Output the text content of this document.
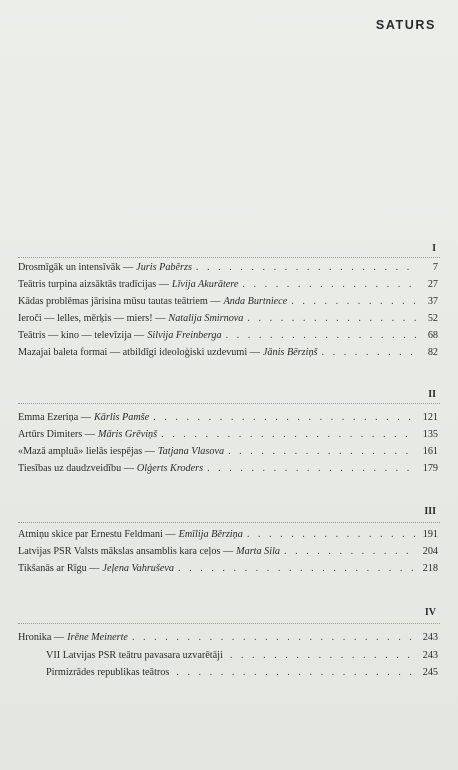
SATURS
I
Drosmīgāk un intensīvāk — Juris Pabērzs . . .	7
Teātris turpina aizsāktās tradīcijas — Līvija Akurātere . . .	27
Kādas problēmas jārisina mūsu tautas teātriem — Anda Burtniece . . .	37
Ieroči — lelles, mērķis — miers! — Natalija Smirnova . . .	52
Teātris — kino — televīzija — Silvija Freinberga . . .	68
Mazajai baleta formai — atbildīgi ideoloģiski uzdevumi — Jānis Bērziņš . . .	82
II
Emma Ezeriņa — Kārlis Pamše . . .	121
Artūrs Dimiters — Māris Grēviņš . . .	135
«Mazā ampluā» lielās iespējas — Tatjana Vlasova . . .	161
Tiesības uz daudzveidību — Olģerts Kroders . . .	179
III
Atmiņu skice par Ernestu Feldmani — Emīlija Bērziņa . . .	191
Latvijas PSR Valsts mākslas ansamblis kara ceļos — Marta Sila . . .	204
Tikšanās ar Rīgu — Jeļena Vahruševa . . .	218
IV
Hronika — Irēne Meinerte . . .	243
VII Latvijas PSR teātru pavasara uzvarētāji . . .	243
Pirmizrādes republikas teātros . . .	245
